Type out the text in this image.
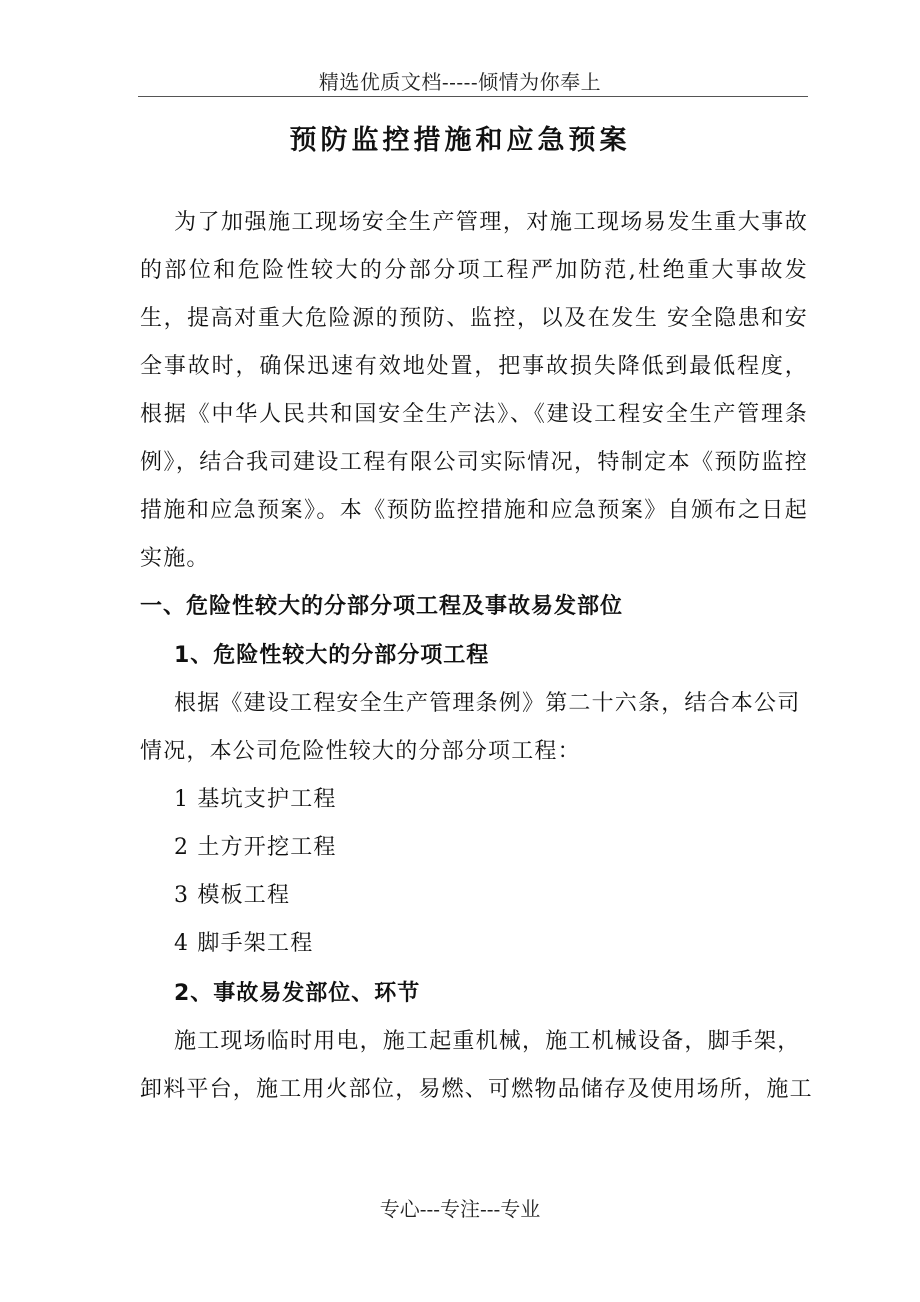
精选优质文档-----倾情为你奉上
预防监控措施和应急预案
为了加强施工现场安全生产管理，对施工现场易发生重大事故的部位和危险性较大的分部分项工程严加防范,杜绝重大事故发生，提高对重大危险源的预防、监控，以及在发生 安全隐患和安全事故时，确保迅速有效地处置，把事故损失降低到最低程度，根据《中华人民共和国安全生产法》、《建设工程安全生产管理条例》，结合我司建设工程有限公司实际情况，特制定本《预防监控措施和应急预案》。本《预防监控措施和应急预案》自颁布之日起实施。
一、危险性较大的分部分项工程及事故易发部位
1、危险性较大的分部分项工程
根据《建设工程安全生产管理条例》第二十六条，结合本公司
情况，本公司危险性较大的分部分项工程：
1 基坑支护工程
2 土方开挖工程
3 模板工程
4 脚手架工程
2、事故易发部位、环节
施工现场临时用电，施工起重机械，施工机械设备，脚手架，
卸料平台，施工用火部位，易燃、可燃物品储存及使用场所，施工
专心---专注---专业
